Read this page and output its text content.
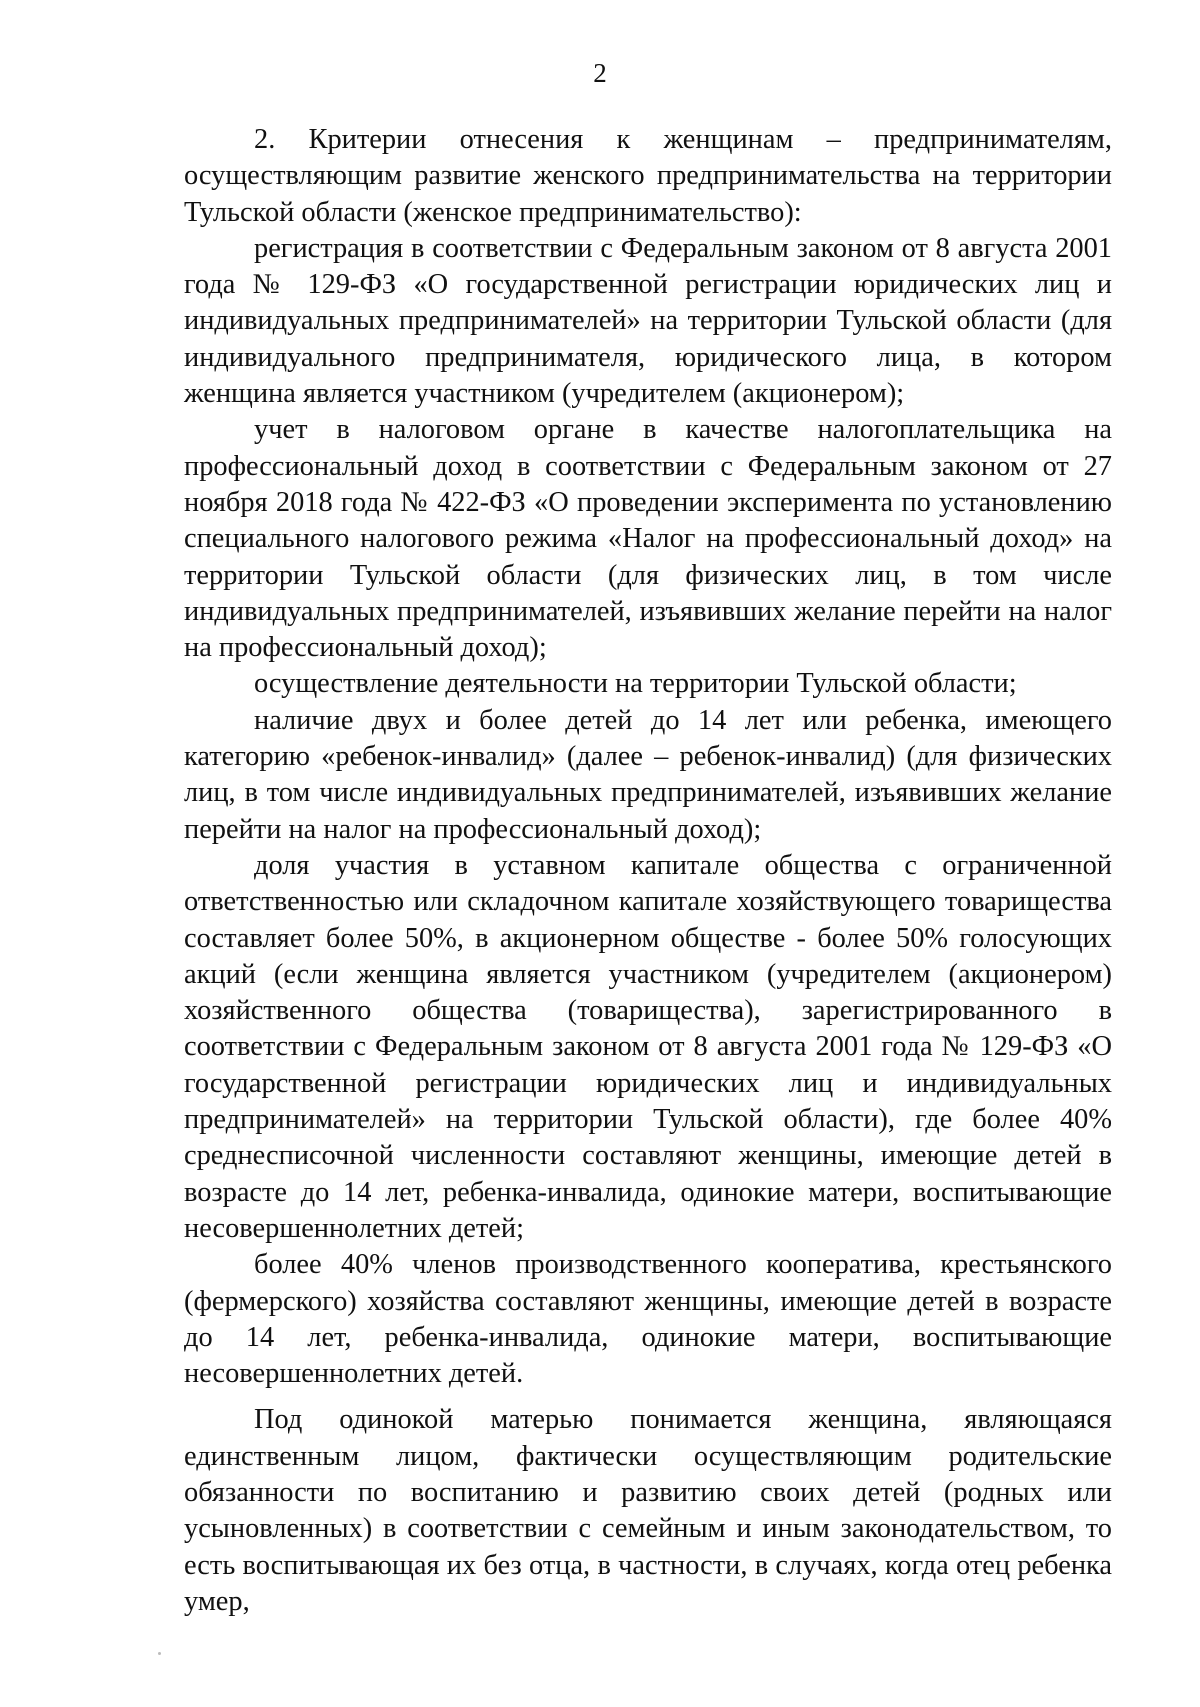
2

2. Критерии отнесения к женщинам – предпринимателям, осуществляющим развитие женского предпринимательства на территории Тульской области (женское предпринимательство):

регистрация в соответствии с Федеральным законом от 8 августа 2001 года № 129-ФЗ «О государственной регистрации юридических лиц и индивидуальных предпринимателей» на территории Тульской области (для индивидуального предпринимателя, юридического лица, в котором женщина является участником (учредителем (акционером);

учет в налоговом органе в качестве налогоплательщика на профессиональный доход в соответствии с Федеральным законом от 27 ноября 2018 года № 422-ФЗ «О проведении эксперимента по установлению специального налогового режима «Налог на профессиональный доход» на территории Тульской области (для физических лиц, в том числе индивидуальных предпринимателей, изъявивших желание перейти на налог на профессиональный доход);

осуществление деятельности на территории Тульской области;

наличие двух и более детей до 14 лет или ребенка, имеющего категорию «ребенок-инвалид» (далее – ребенок-инвалид) (для физических лиц, в том числе индивидуальных предпринимателей, изъявивших желание перейти на налог на профессиональный доход);

доля участия в уставном капитале общества с ограниченной ответственностью или складочном капитале хозяйствующего товарищества составляет более 50%, в акционерном обществе - более 50% голосующих акций (если женщина является участником (учредителем (акционером) хозяйственного общества (товарищества), зарегистрированного в соответствии с Федеральным законом от 8 августа 2001 года № 129-ФЗ «О государственной регистрации юридических лиц и индивидуальных предпринимателей» на территории Тульской области), где более 40% среднесписочной численности составляют женщины, имеющие детей в возрасте до 14 лет, ребенка-инвалида, одинокие матери, воспитывающие несовершеннолетних детей;

более 40% членов производственного кооператива, крестьянского (фермерского) хозяйства составляют женщины, имеющие детей в возрасте до 14 лет, ребенка-инвалида, одинокие матери, воспитывающие несовершеннолетних детей.

Под одинокой матерью понимается женщина, являющаяся единственным лицом, фактически осуществляющим родительские обязанности по воспитанию и развитию своих детей (родных или усыновленных) в соответствии с семейным и иным законодательством, то есть воспитывающая их без отца, в частности, в случаях, когда отец ребенка умер,
